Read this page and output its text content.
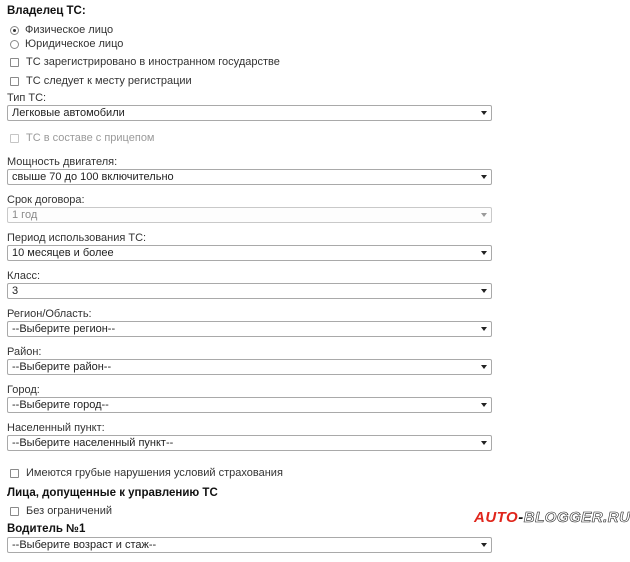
Владелец ТС:
Физическое лицо
Юридическое лицо
ТС зарегистрировано в иностранном государстве
ТС следует к месту регистрации
Тип ТС:
Легковые автомобили
ТС в составе с прицепом
Мощность двигателя:
свыше 70 до 100 включительно
Срок договора:
1 год
Период использования ТС:
10 месяцев и более
Класс:
3
Регион/Область:
--Выберите регион--
Район:
--Выберите район--
Город:
--Выберите город--
Населенный пункт:
--Выберите населенный пункт--
Имеются грубые нарушения условий страхования
Лица, допущенные к управлению ТС
Без ограничений
Водитель №1
--Выберите возраст и стаж--
AUTO-BLOGGER.RU
